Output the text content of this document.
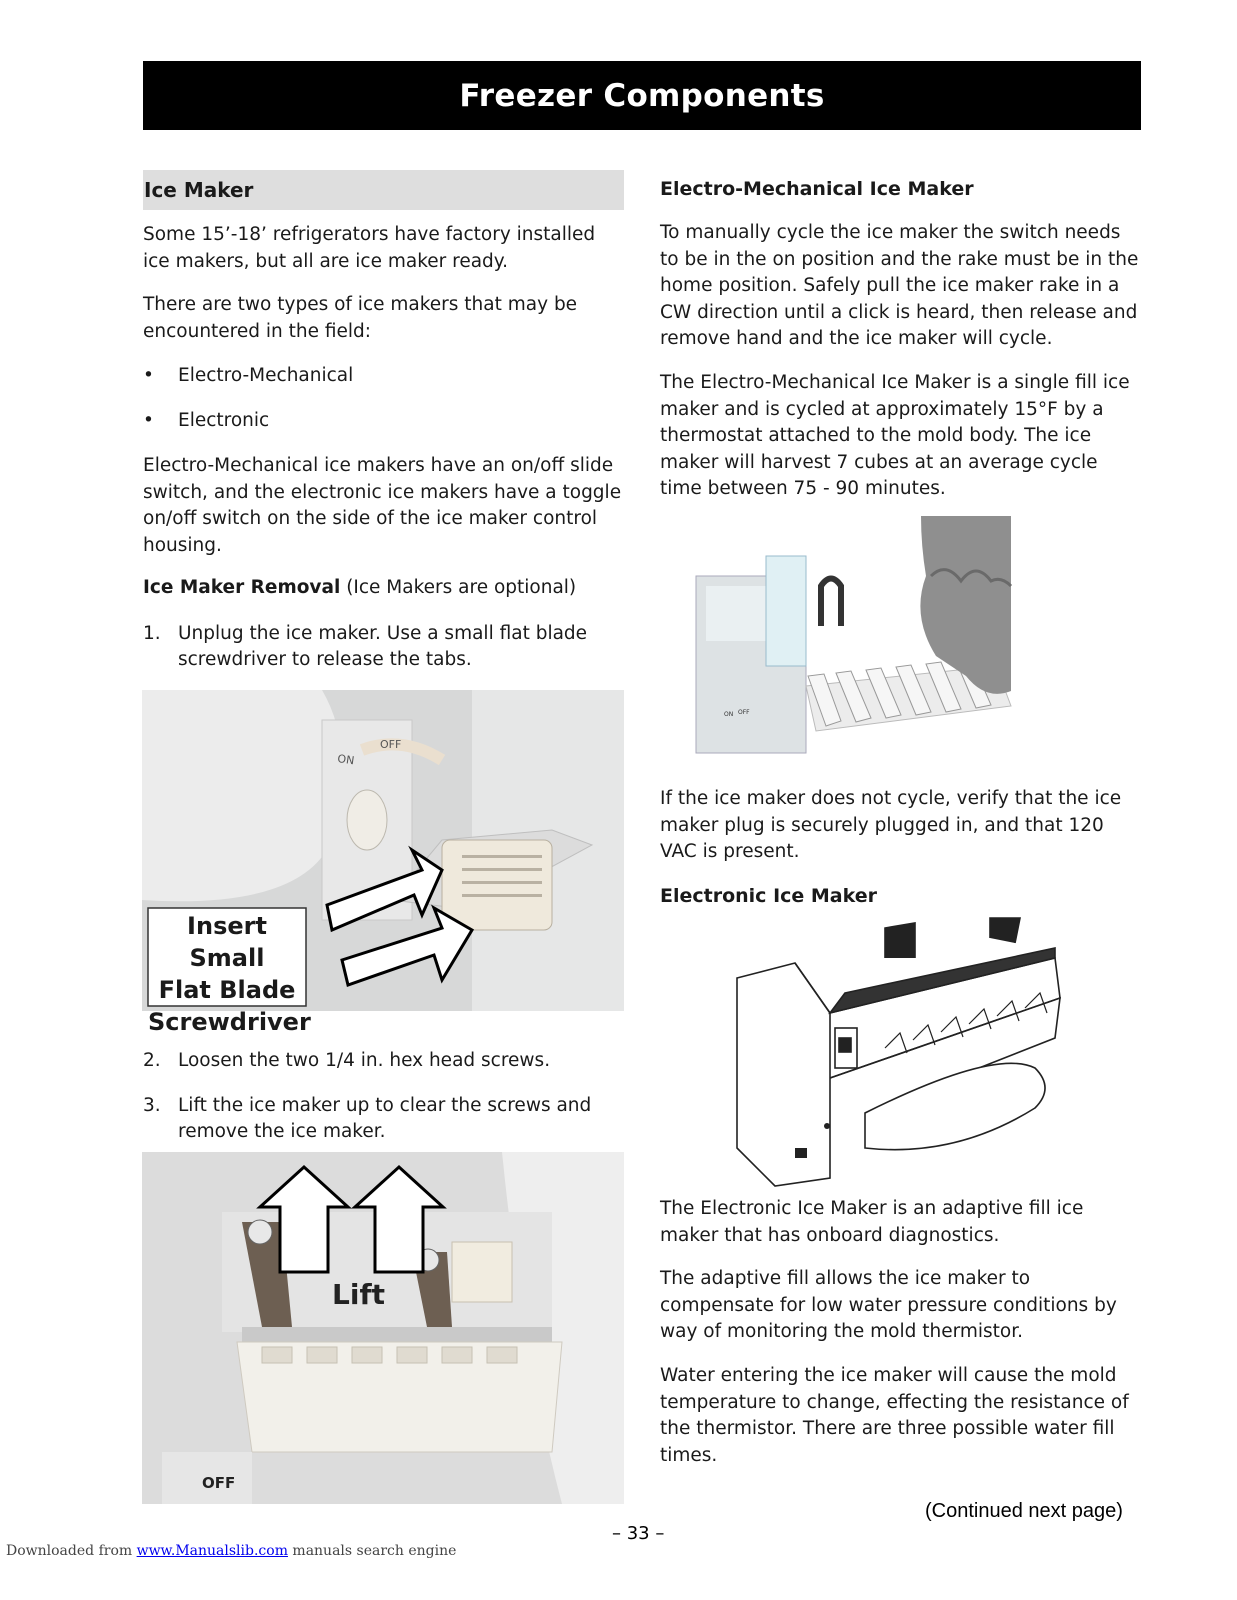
Freezer Components
Ice Maker
Some 15’-18’ refrigerators have factory installed ice makers, but all are ice maker ready.
There are two types of ice makers that may be encountered in the field:
• Electro-Mechanical
• Electronic
Electro-Mechanical ice makers have an on/off slide switch, and the electronic ice makers have a toggle on/off switch on the side of the ice maker control housing.
Ice Maker Removal (Ice Makers are optional)
1. Unplug the ice maker. Use a small flat blade screwdriver to release the tabs.
ON
OFF
Insert Small
Flat Blade
Screwdriver
2. Loosen the two 1/4 in. hex head screws.
3. Lift the ice maker up to clear the screws and remove the ice maker.
OFF
Lift
Electro-Mechanical Ice Maker
To manually cycle the ice maker the switch needs to be in the on position and the rake must be in the home position. Safely pull the ice maker rake in a CW direction until a click is heard, then release and remove hand and the ice maker will cycle.
The Electro-Mechanical Ice Maker is a single fill ice maker and is cycled at approximately 15°F by a thermostat attached to the mold body. The ice maker will harvest 7 cubes at an average cycle time between 75 - 90 minutes.
ON OFF
If the ice maker does not cycle, verify that the ice maker plug is securely plugged in, and that 120 VAC is present.
Electronic Ice Maker
The Electronic Ice Maker is an adaptive fill ice maker that has onboard diagnostics.
The adaptive fill allows the ice maker to compensate for low water pressure conditions by way of monitoring the mold thermistor.
Water entering the ice maker will cause the mold temperature to change, effecting the resistance of the thermistor. There are three possible water fill times.
(Continued next page)
– 33 –
Downloaded from www.Manualslib.com manuals search engine
